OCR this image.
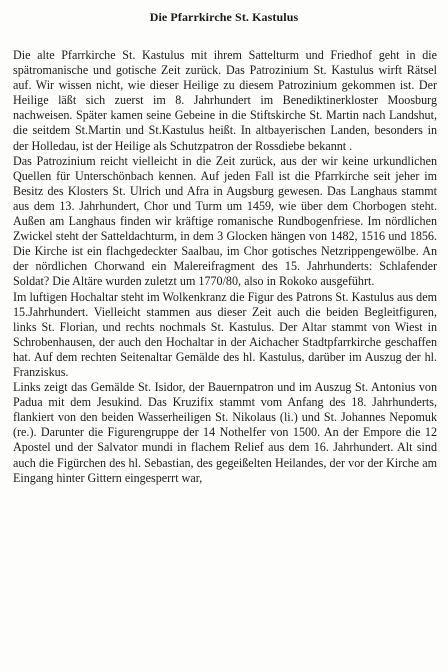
Die Pfarrkirche St. Kastulus

Die alte Pfarrkirche St. Kastulus mit ihrem Sattelturm und Friedhof geht in die spätromanische und gotische Zeit zurück. Das Patrozinium St. Kastulus wirft Rätsel auf. Wir wissen nicht, wie dieser Heilige zu diesem Patrozinium gekommen ist. Der Heilige läßt sich zuerst im 8. Jahrhundert im Benediktinerkloster Moosburg nachweisen. Später kamen seine Gebeine in die Stiftskirche St. Martin nach Landshut, die seitdem St.Martin und St.Kastulus heißt. In altbayerischen Landen, besonders in der Holledau, ist der Heilige als Schutzpatron der Rossdiebe bekannt .

Das Patrozinium reicht vielleicht in die Zeit zurück, aus der wir keine urkundlichen Quellen für Unterschönbach kennen. Auf jeden Fall ist die Pfarrkirche seit jeher im Besitz des Klosters St. Ulrich und Afra in Augsburg gewesen. Das Langhaus stammt aus dem 13. Jahrhundert, Chor und Turm um 1459, wie über dem Chorbogen steht. Außen am Langhaus finden wir kräftige romanische Rundbogenfriese. Im nördlichen Zwickel steht der Satteldachturm, in dem 3 Glocken hängen von 1482, 1516 und 1856. Die Kirche ist ein flachgedeckter Saalbau, im Chor gotisches Netzrippengewölbe. An der nördlichen Chorwand ein Malereifragment des 15. Jahrhunderts: Schlafender Soldat? Die Altäre wurden zuletzt um 1770/80, also in Rokoko ausgeführt.

Im luftigen Hochaltar steht im Wolkenkranz die Figur des Patrons St. Kastulus aus dem 15.Jahrhundert. Vielleicht stammen aus dieser Zeit auch die beiden Begleitfiguren, links St. Florian, und rechts nochmals St. Kastulus. Der Altar stammt von Wiest in Schrobenhausen, der auch den Hochaltar in der Aichacher Stadtpfarrkirche geschaffen hat. Auf dem rechten Seitenaltar Gemälde des hl. Kastulus, darüber im Auszug der hl. Franziskus.

Links zeigt das Gemälde St. Isidor, der Bauernpatron und im Auszug St. Antonius von Padua mit dem Jesukind. Das Kruzifix stammt vom Anfang des 18. Jahrhunderts, flankiert von den beiden Wasserheiligen St. Nikolaus (li.) und St. Johannes Nepomuk (re.). Darunter die Figurengruppe der 14 Nothelfer von 1500. An der Empore die 12 Apostel und der Salvator mundi in flachem Relief aus dem 16. Jahrhundert. Alt sind auch die Figürchen des hl. Sebastian, des gegeißelten Heilandes, der vor der Kirche am Eingang hinter Gittern eingesperrt war,
